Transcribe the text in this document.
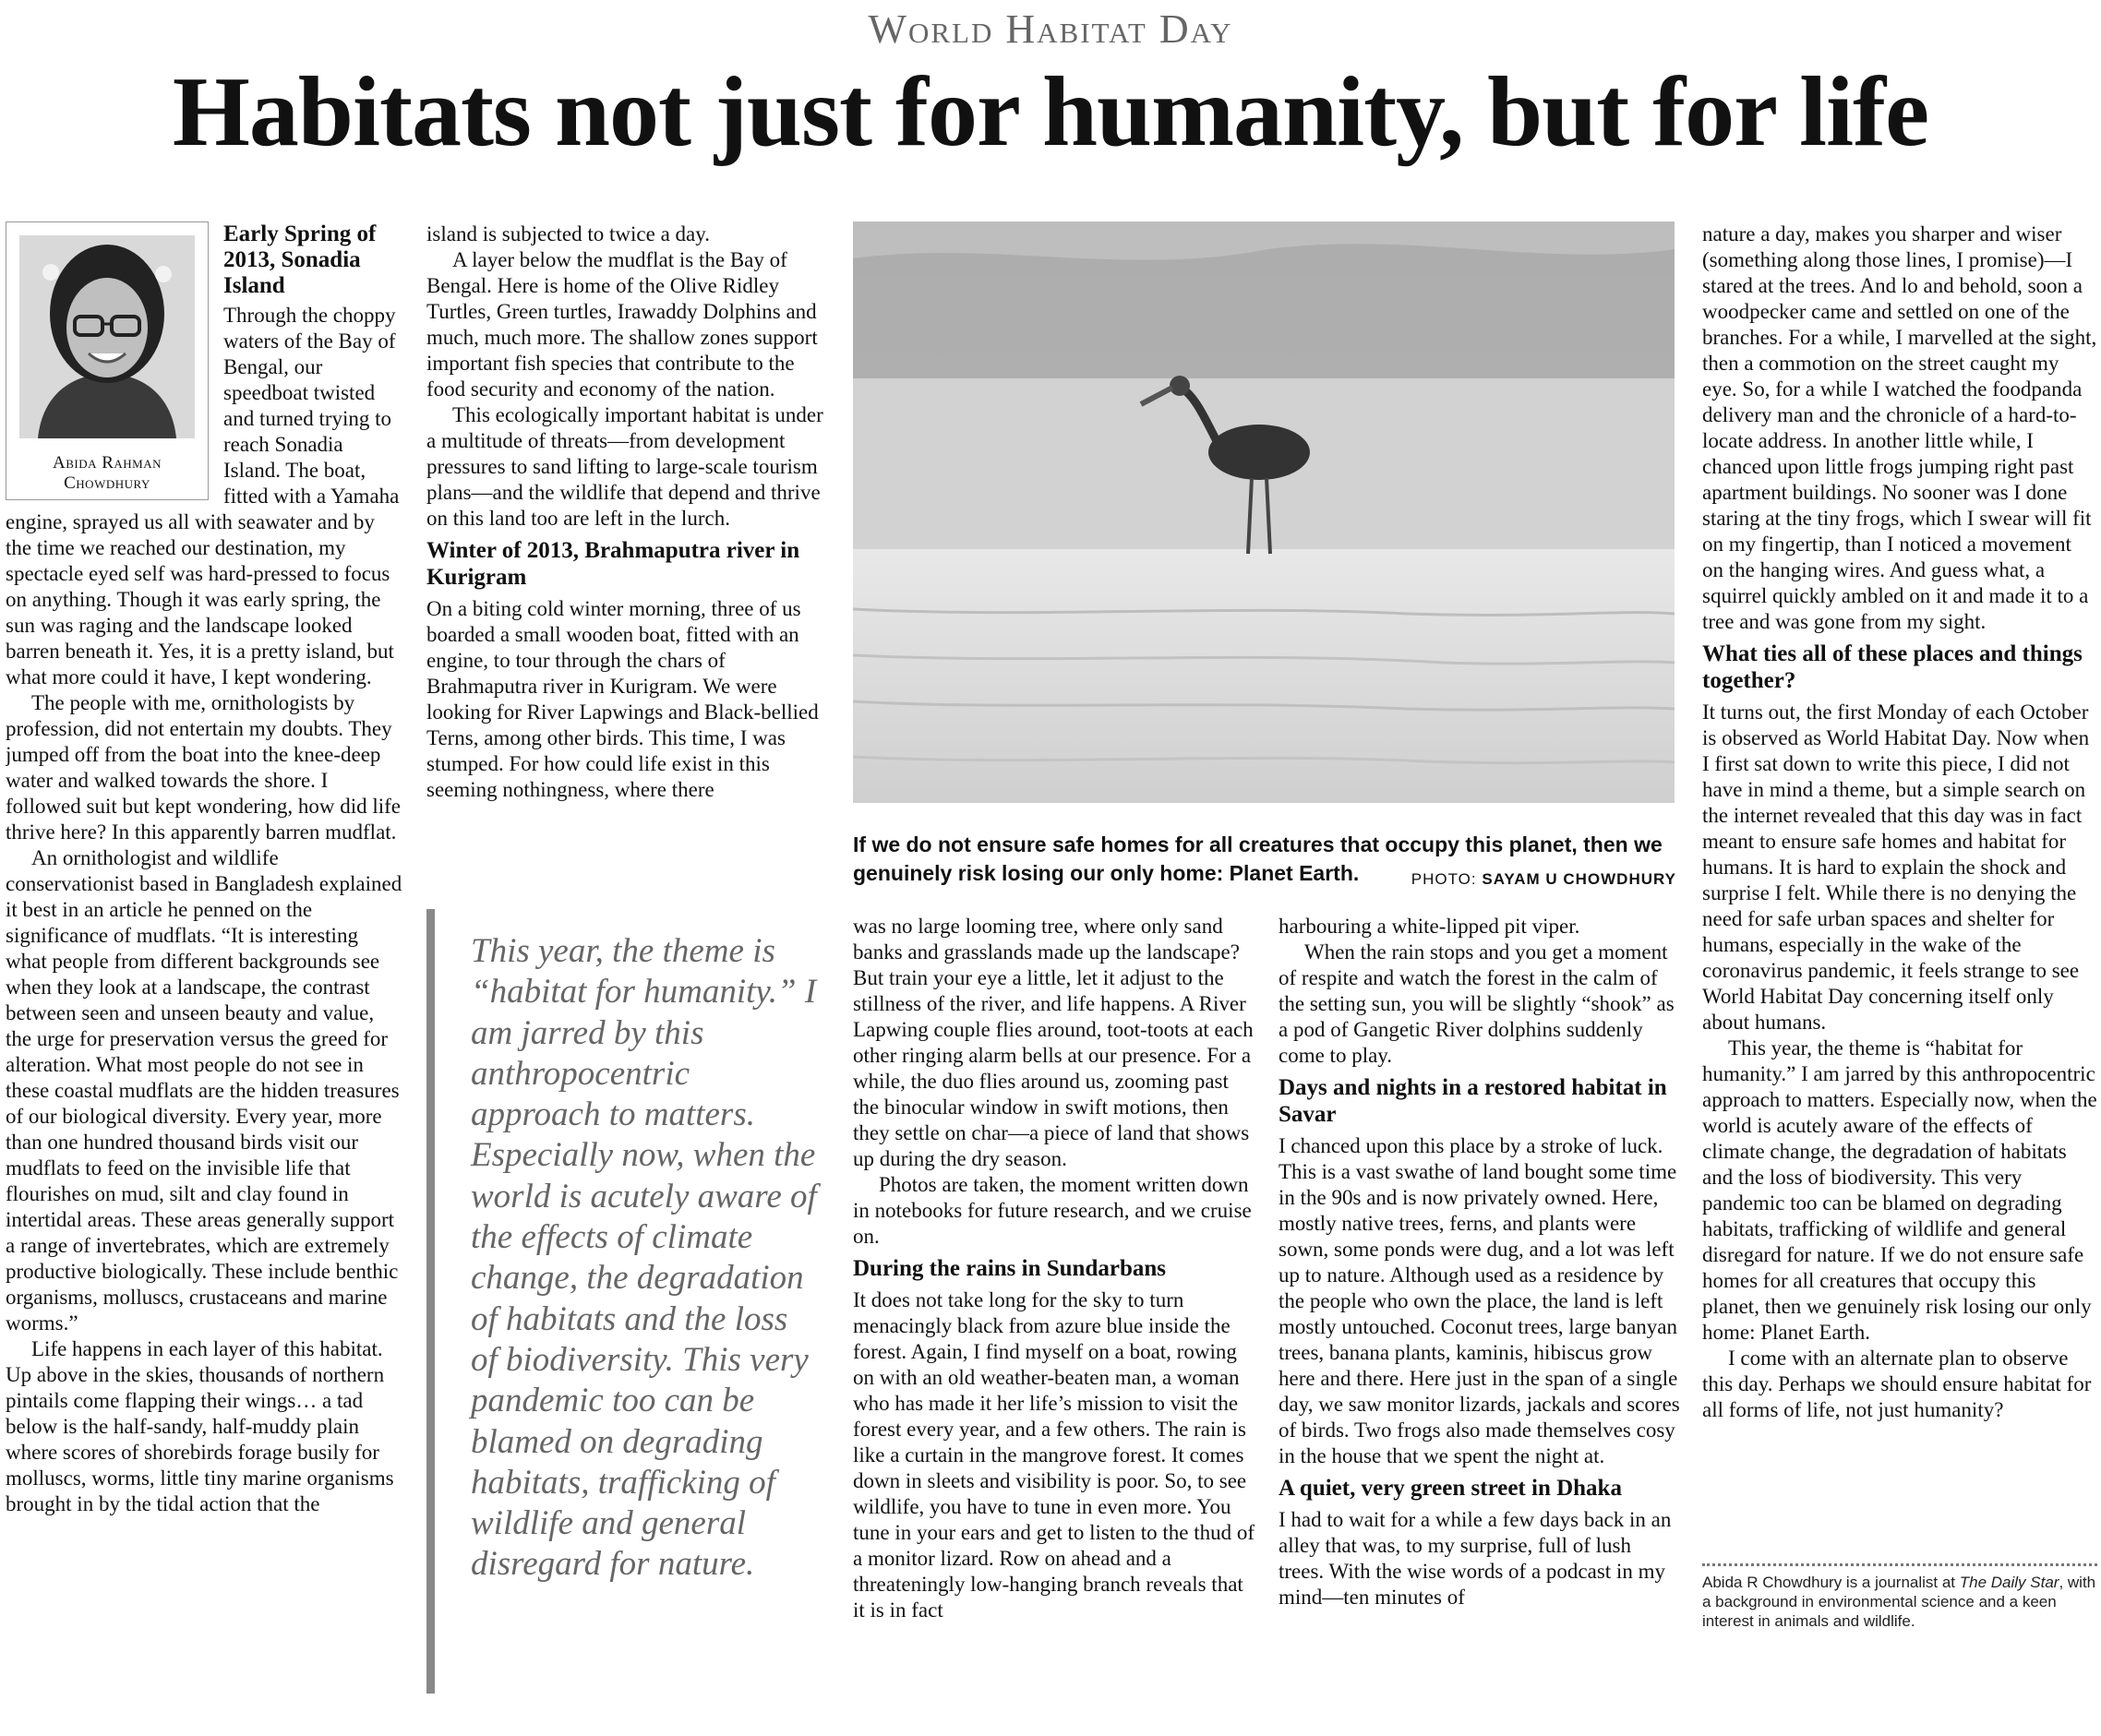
World Habitat Day
Habitats not just for humanity, but for life
Abida Rahman
Chowdhury
Early Spring of 2013, Sonadia Island

Through the choppy waters of the Bay of Bengal, our speedboat twisted and turned trying to reach Sonadia Island. The boat, fitted with a Yamaha engine, sprayed us all with seawater and by the time we reached our destination, my spectacle eyed self was hard-pressed to focus on anything. Though it was early spring, the sun was raging and the landscape looked barren beneath it. Yes, it is a pretty island, but what more could it have, I kept wondering.

The people with me, ornithologists by profession, did not entertain my doubts. They jumped off from the boat into the knee-deep water and walked towards the shore. I followed suit but kept wondering, how did life thrive here? In this apparently barren mudflat.

An ornithologist and wildlife conservationist based in Bangladesh explained it best in an article he penned on the significance of mudflats. “It is interesting what people from different backgrounds see when they look at a landscape, the contrast between seen and unseen beauty and value, the urge for preservation versus the greed for alteration. What most people do not see in these coastal mudflats are the hidden treasures of our biological diversity. Every year, more than one hundred thousand birds visit our mudflats to feed on the invisible life that flourishes on mud, silt and clay found in intertidal areas. These areas generally support a range of invertebrates, which are extremely productive biologically. These include benthic organisms, molluscs, crustaceans and marine worms.”

Life happens in each layer of this habitat. Up above in the skies, thousands of northern pintails come flapping their wings… a tad below is the half-sandy, half-muddy plain where scores of shorebirds forage busily for molluscs, worms, little tiny marine organisms brought in by the tidal action that the

island is subjected to twice a day.

A layer below the mudflat is the Bay of Bengal. Here is home of the Olive Ridley Turtles, Green turtles, Irawaddy Dolphins and much, much more. The shallow zones support important fish species that contribute to the food security and economy of the nation.

This ecologically important habitat is under a multitude of threats—from development pressures to sand lifting to large-scale tourism plans—and the wildlife that depend and thrive on this land too are left in the lurch.

Winter of 2013, Brahmaputra river in Kurigram

On a biting cold winter morning, three of us boarded a small wooden boat, fitted with an engine, to tour through the chars of Brahmaputra river in Kurigram. We were looking for River Lapwings and Black-bellied Terns, among other birds. This time, I was stumped. For how could life exist in this seeming nothingness, where there

This year, the theme is “habitat for humanity.” I am jarred by this anthropocentric approach to matters. Especially now, when the world is acutely aware of the effects of climate change, the degradation of habitats and the loss of biodiversity. This very pandemic too can be blamed on degrading habitats, trafficking of wildlife and general disregard for nature.
If we do not ensure safe homes for all creatures that occupy this planet, then we genuinely risk losing our only home: Planet Earth.	PHOTO: SAYAM U CHOWDHURY

was no large looming tree, where only sand banks and grasslands made up the landscape? But train your eye a little, let it adjust to the stillness of the river, and life happens. A River Lapwing couple flies around, toot-toots at each other ringing alarm bells at our presence. For a while, the duo flies around us, zooming past the binocular window in swift motions, then they settle on char—a piece of land that shows up during the dry season.

Photos are taken, the moment written down in notebooks for future research, and we cruise on.

During the rains in Sundarbans

It does not take long for the sky to turn menacingly black from azure blue inside the forest. Again, I find myself on a boat, rowing on with an old weather-beaten man, a woman who has made it her life’s mission to visit the forest every year, and a few others. The rain is like a curtain in the mangrove forest. It comes down in sleets and visibility is poor. So, to see wildlife, you have to tune in even more. You tune in your ears and get to listen to the thud of a monitor lizard. Row on ahead and a threateningly low-hanging branch reveals that it is in fact

harbouring a white-lipped pit viper.

When the rain stops and you get a moment of respite and watch the forest in the calm of the setting sun, you will be slightly “shook” as a pod of Gangetic River dolphins suddenly come to play.

Days and nights in a restored habitat in Savar

I chanced upon this place by a stroke of luck. This is a vast swathe of land bought some time in the 90s and is now privately owned. Here, mostly native trees, ferns, and plants were sown, some ponds were dug, and a lot was left up to nature. Although used as a residence by the people who own the place, the land is left mostly untouched. Coconut trees, large banyan trees, banana plants, kaminis, hibiscus grow here and there. Here just in the span of a single day, we saw monitor lizards, jackals and scores of birds. Two frogs also made themselves cosy in the house that we spent the night at.

A quiet, very green street in Dhaka

I had to wait for a while a few days back in an alley that was, to my surprise, full of lush trees. With the wise words of a podcast in my mind—ten minutes of

nature a day, makes you sharper and wiser (something along those lines, I promise)—I stared at the trees. And lo and behold, soon a woodpecker came and settled on one of the branches. For a while, I marvelled at the sight, then a commotion on the street caught my eye. So, for a while I watched the foodpanda delivery man and the chronicle of a hard-to-locate address. In another little while, I chanced upon little frogs jumping right past apartment buildings. No sooner was I done staring at the tiny frogs, which I swear will fit on my fingertip, than I noticed a movement on the hanging wires. And guess what, a squirrel quickly ambled on it and made it to a tree and was gone from my sight.

What ties all of these places and things together?

It turns out, the first Monday of each October is observed as World Habitat Day. Now when I first sat down to write this piece, I did not have in mind a theme, but a simple search on the internet revealed that this day was in fact meant to ensure safe homes and habitat for humans. It is hard to explain the shock and surprise I felt. While there is no denying the need for safe urban spaces and shelter for humans, especially in the wake of the coronavirus pandemic, it feels strange to see World Habitat Day concerning itself only about humans.

This year, the theme is “habitat for humanity.” I am jarred by this anthropocentric approach to matters. Especially now, when the world is acutely aware of the effects of climate change, the degradation of habitats and the loss of biodiversity. This very pandemic too can be blamed on degrading habitats, trafficking of wildlife and general disregard for nature. If we do not ensure safe homes for all creatures that occupy this planet, then we genuinely risk losing our only home: Planet Earth.

I come with an alternate plan to observe this day. Perhaps we should ensure habitat for all forms of life, not just humanity?

Abida R Chowdhury is a journalist at The Daily Star, with a background in environmental science and a keen interest in animals and wildlife.
